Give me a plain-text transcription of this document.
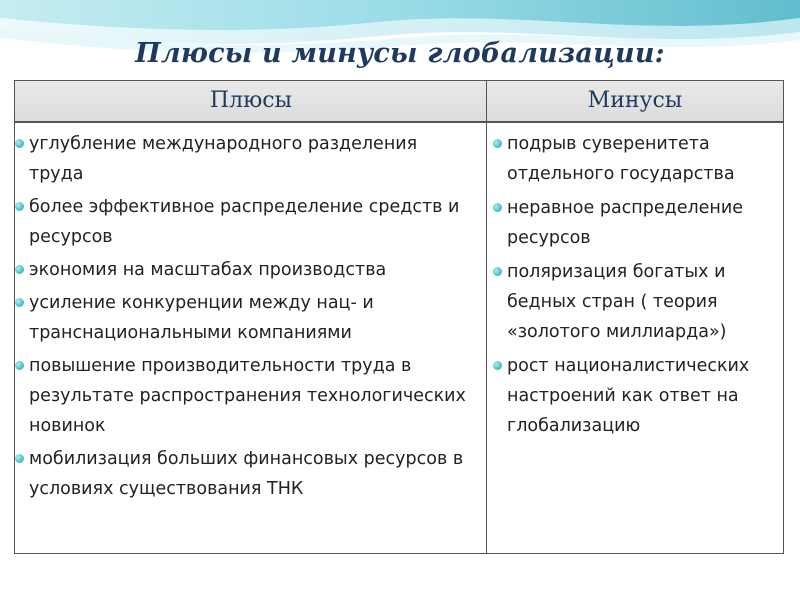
Плюсы и минусы глобализации:
Плюсы	Минусы
углубление международного разделения труда
более эффективное распределение средств и ресурсов
экономия на масштабах производства
усиление конкуренции между нац- и транснациональными компаниями
повышение производительности труда в результате распространения технологических новинок
мобилизация больших финансовых ресурсов в условиях существования ТНК
подрыв суверенитета отдельного государства
неравное распределение ресурсов
поляризация богатых и бедных стран ( теория «золотого миллиарда»)
рост националистических настроений как ответ на глобализацию
